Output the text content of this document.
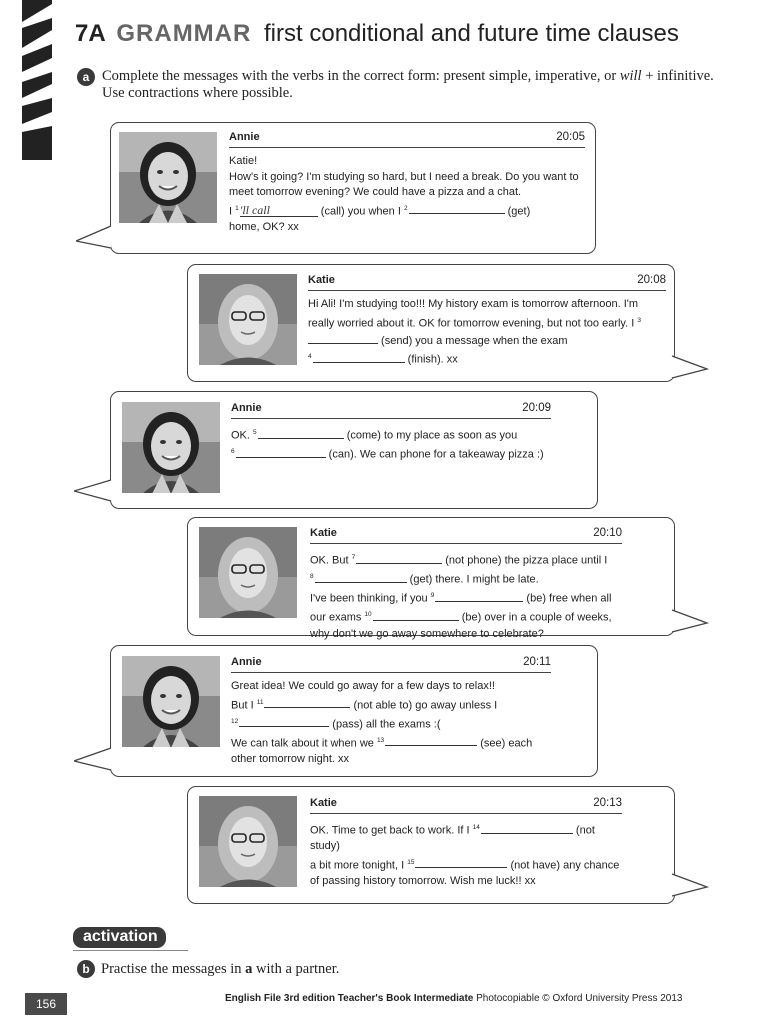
7A GRAMMAR first conditional and future time clauses
a Complete the messages with the verbs in the correct form: present simple, imperative, or will + infinitive. Use contractions where possible.
Annie	20:05
Katie!
How's it going? I'm studying so hard, but I need a break. Do you want to meet tomorrow evening? We could have a pizza and a chat.
I $^1$'ll call	(call) you when I $^2$	(get)
home, OK? xx
Katie	20:08
Hi Ali! I'm studying too!!! My history exam is tomorrow afternoon. I'm really worried about it. OK for tomorrow evening, but not too early. I $^3$ (send) you a message when the exam
$^4$	(finish). xx
Annie	20:09
OK. $^5$	(come) to my place as soon as you
$^6$	(can). We can phone for a takeaway pizza :)
Katie	20:10
OK. But $^7$	(not phone) the pizza place until I
$^8$	(get) there. I might be late.
I've been thinking, if you $^9$	(be) free when all
our exams $^{10}$	(be) over in a couple of weeks,
why don't we go away somewhere to celebrate?
Annie	20:11
Great idea! We could go away for a few days to relax!!
But I $^{11}$	(not able to) go away unless I
$^{12}$	(pass) all the exams :(
We can talk about it when we $^{13}$	(see) each
other tomorrow night. xx
Katie	20:13
OK. Time to get back to work. If I $^{14}$	(not study)
a bit more tonight, I $^{15}$	(not have) any chance
of passing history tomorrow. Wish me luck!! xx
activation
b Practise the messages in a with a partner.
156	English File 3rd edition Teacher's Book Intermediate Photocopiable © Oxford University Press 2013
